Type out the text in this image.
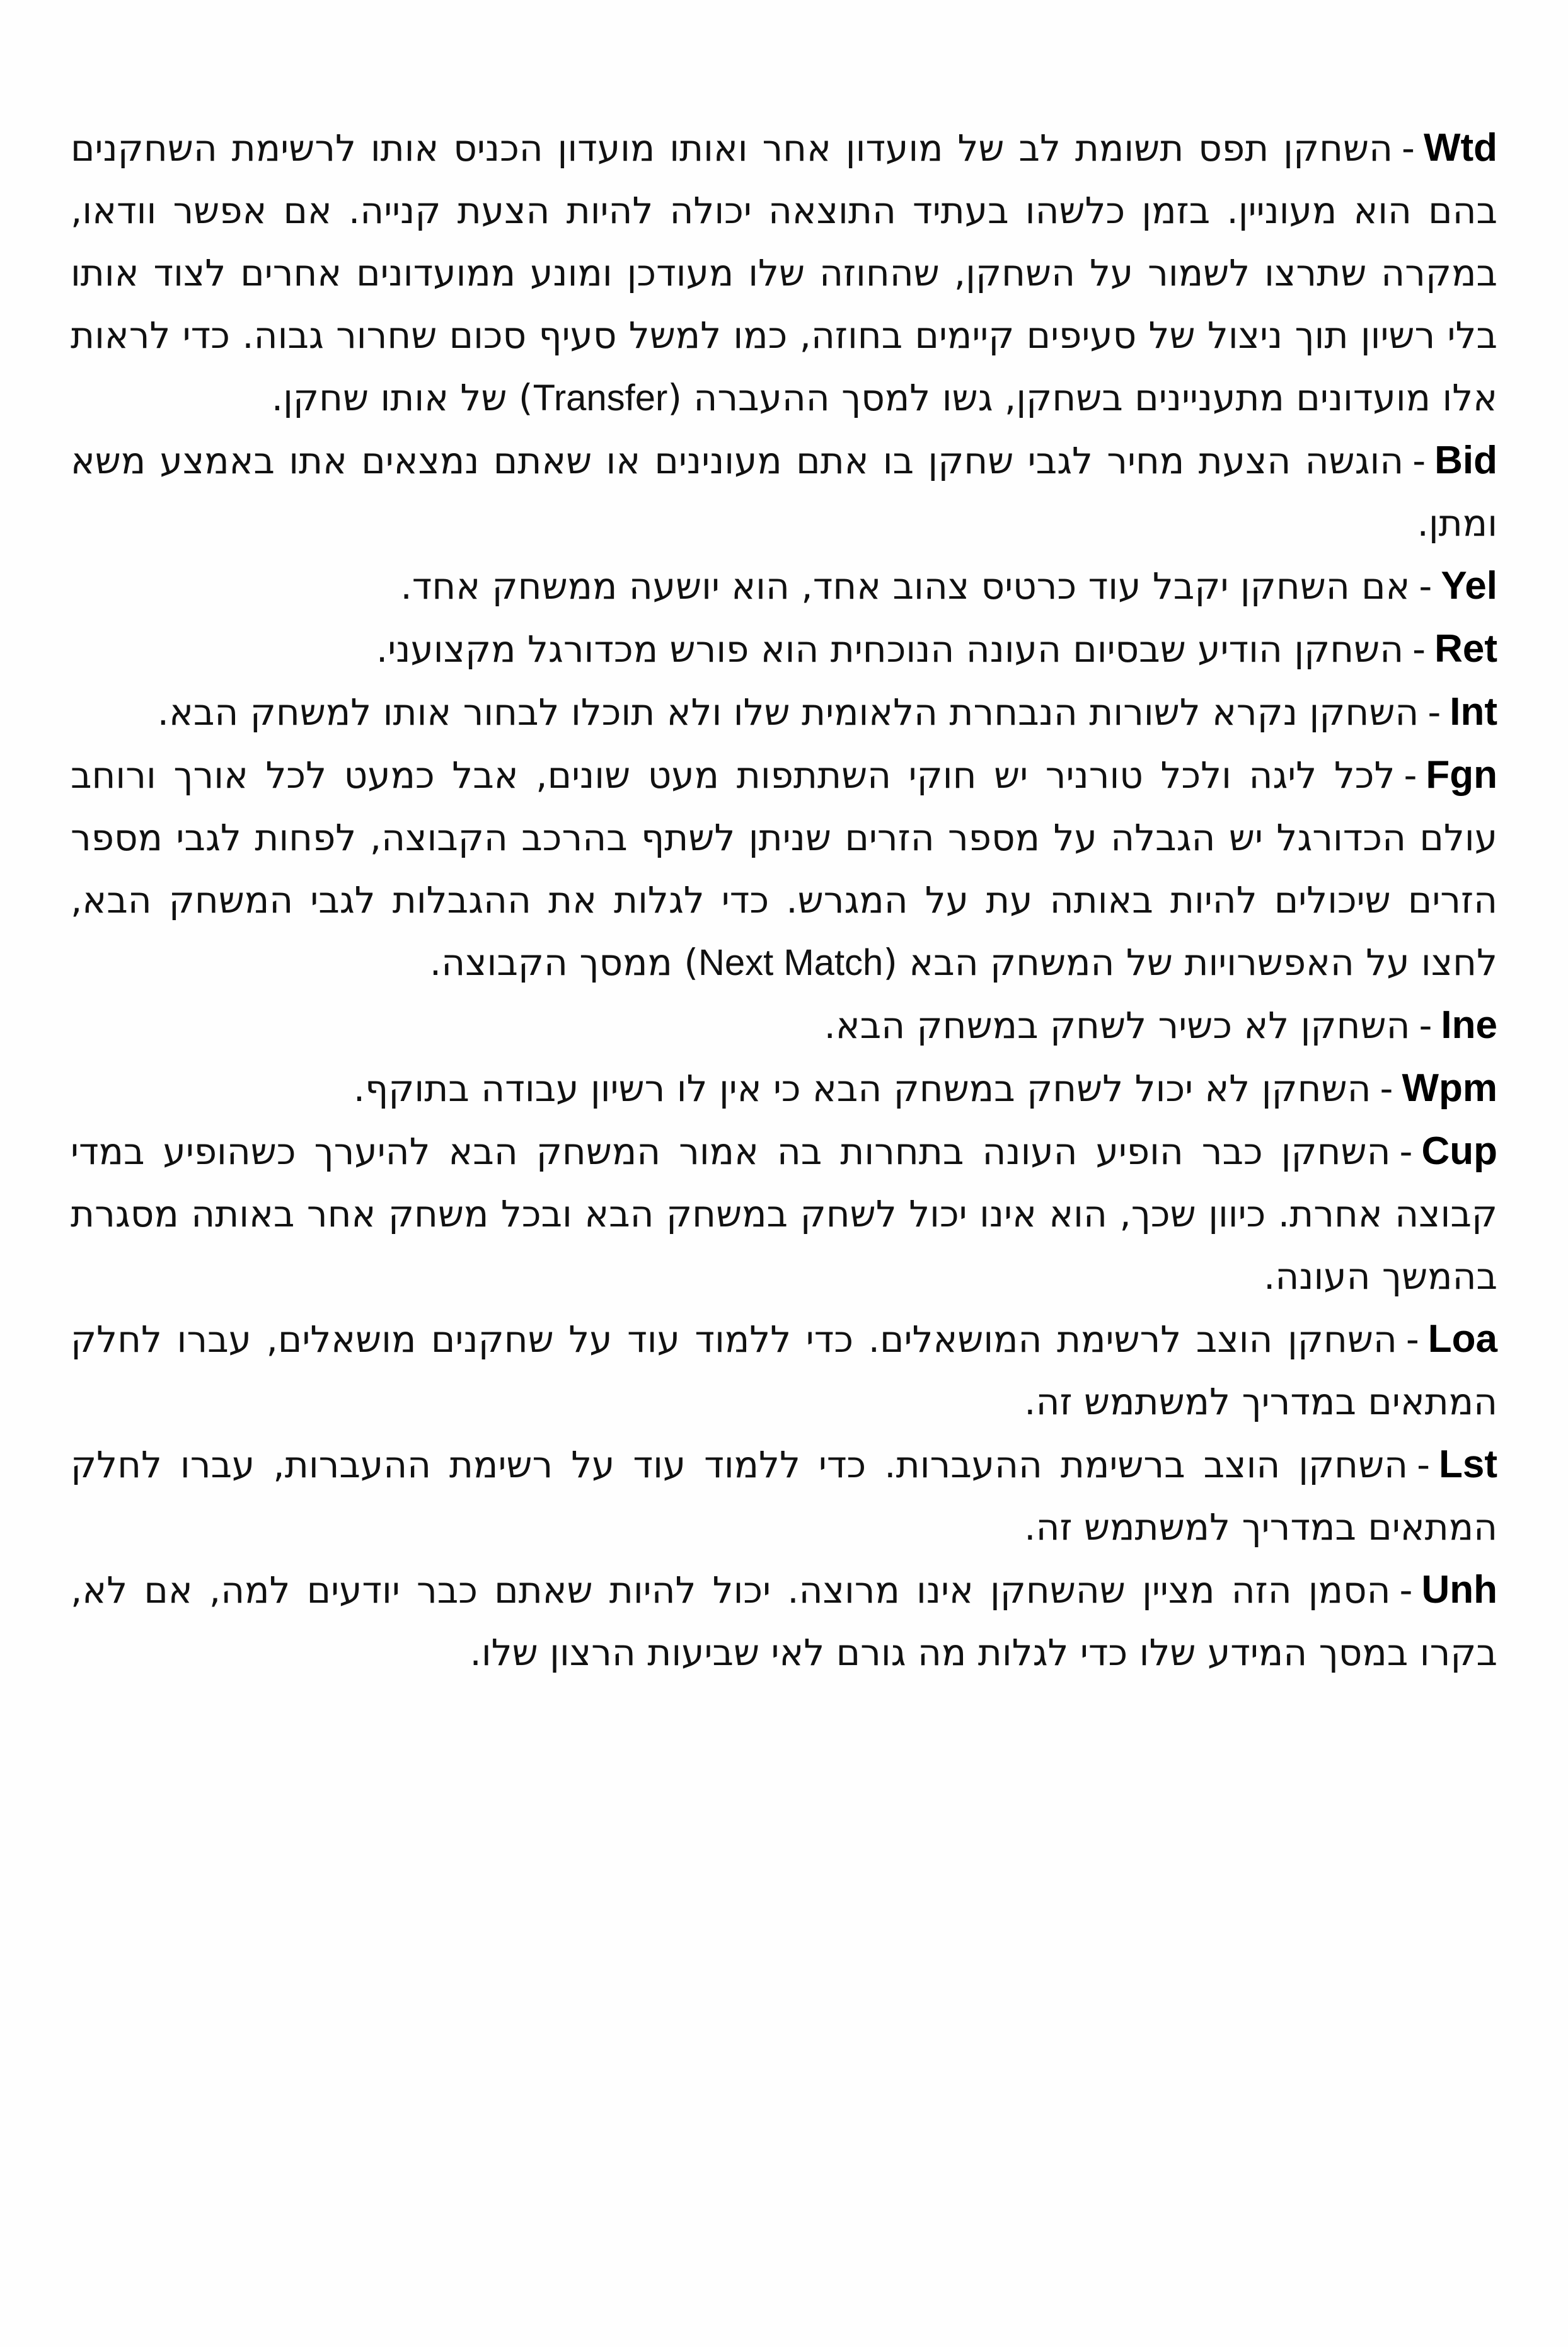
Wtd-השחקן תפס תשומת לב של מועדון אחר ואותו מועדון הכניס אותו לרשימת השחקנים בהם הוא מעוניין. בזמן כלשהו בעתיד התוצאה יכולה להיות הצעת קנייה. אם אפשר וודאו, במקרה שתרצו לשמור על השחקן, שהחוזה שלו מעודכן ומונע ממועדונים אחרים לצוד אותו בלי רשיון תוך ניצול של סעיפים קיימים בחוזה, כמו למשל סעיף סכום שחרור גבוה. כדי לראות אלו מועדונים מתעניינים בשחקן, גשו למסך ההעברה (Transfer) של אותו שחקן.

Bid-הוגשה הצעת מחיר לגבי שחקן בו אתם מעונינים או שאתם נמצאים אתו באמצע משא ומתן.

Yel-אם השחקן יקבל עוד כרטיס צהוב אחד, הוא יושעה ממשחק אחד.

Ret-השחקן הודיע שבסיום העונה הנוכחית הוא פורש מכדורגל מקצועני.

Int-השחקן נקרא לשורות הנבחרת הלאומית שלו ולא תוכלו לבחור אותו למשחק הבא.

Fgn-לכל ליגה ולכל טורניר יש חוקי השתתפות מעט שונים, אבל כמעט לכל אורך ורוחב עולם הכדורגל יש הגבלה על מספר הזרים שניתן לשתף בהרכב הקבוצה, לפחות לגבי מספר הזרים שיכולים להיות באותה עת על המגרש. כדי לגלות את ההגבלות לגבי המשחק הבא, לחצו על האפשרויות של המשחק הבא (Next Match) ממסך הקבוצה.

Ine-השחקן לא כשיר לשחק במשחק הבא.

Wpm-השחקן לא יכול לשחק במשחק הבא כי אין לו רשיון עבודה בתוקף.

Cup-השחקן כבר הופיע העונה בתחרות בה אמור המשחק הבא להיערך כשהופיע במדי קבוצה אחרת. כיוון שכך, הוא אינו יכול לשחק במשחק הבא ובכל משחק אחר באותה מסגרת בהמשך העונה.

Loa-השחקן הוצב לרשימת המושאלים. כדי ללמוד עוד על שחקנים מושאלים, עברו לחלק המתאים במדריך למשתמש זה.

Lst-השחקן הוצב ברשימת ההעברות. כדי ללמוד עוד על רשימת ההעברות, עברו לחלק המתאים במדריך למשתמש זה.

Unh-הסמן הזה מציין שהשחקן אינו מרוצה. יכול להיות שאתם כבר יודעים למה, אם לא, בקרו במסך המידע שלו כדי לגלות מה גורם לאי שביעות הרצון שלו.
